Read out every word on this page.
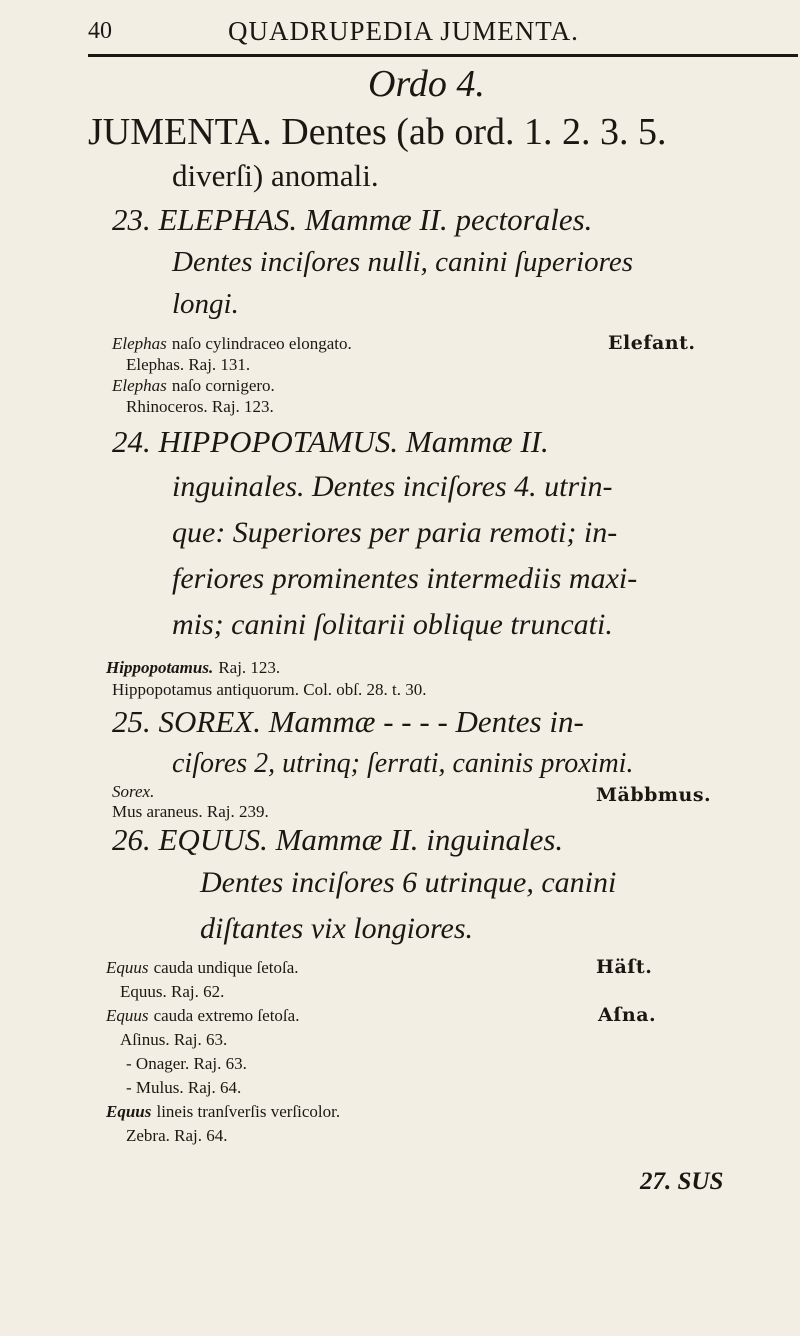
40	QUADRUPEDIA JUMENTA.
Ordo 4.
JUMENTA. Dentes (ab ord. 1. 2. 3. 5.
diverſi) anomali.
23. ELEPHAS. Mammæ II. pectorales.
Dentes inciſores nulli, canini ſuperiores
longi.
Elephas naſo cylindraceo elongato.
Elephas. Raj. 131.
Elephas naſo cornigero.
Rhinoceros. Raj. 123.
Elefant.
24. HIPPOPOTAMUS. Mammæ II.
inguinales. Dentes inciſores 4. utrin-
que: Superiores per paria remoti; in-
feriores prominentes intermediis maxi-
mis; canini ſolitarii oblique truncati.
Hippopotamus. Raj. 123.
Hippopotamus antiquorum. Col. obſ. 28. t. 30.
25. SOREX. Mammæ - - - - Dentes in-
ciſores 2, utrinq; ſerrati, caninis proximi.
Sorex.
Mus araneus. Raj. 239.
Mäbbmus.
26. EQUUS. Mammæ II. inguinales.
Dentes inciſores 6 utrinque, canini
diſtantes vix longiores.
Equus cauda undique ſetoſa.
Equus. Raj. 62.
Equus cauda extremo ſetoſa.
Aſinus. Raj. 63.
- Onager. Raj. 63.
- Mulus. Raj. 64.
Equus lineis tranſverſis verſicolor.
Zebra. Raj. 64.
Häſt.
Aſna.
27. SUS
